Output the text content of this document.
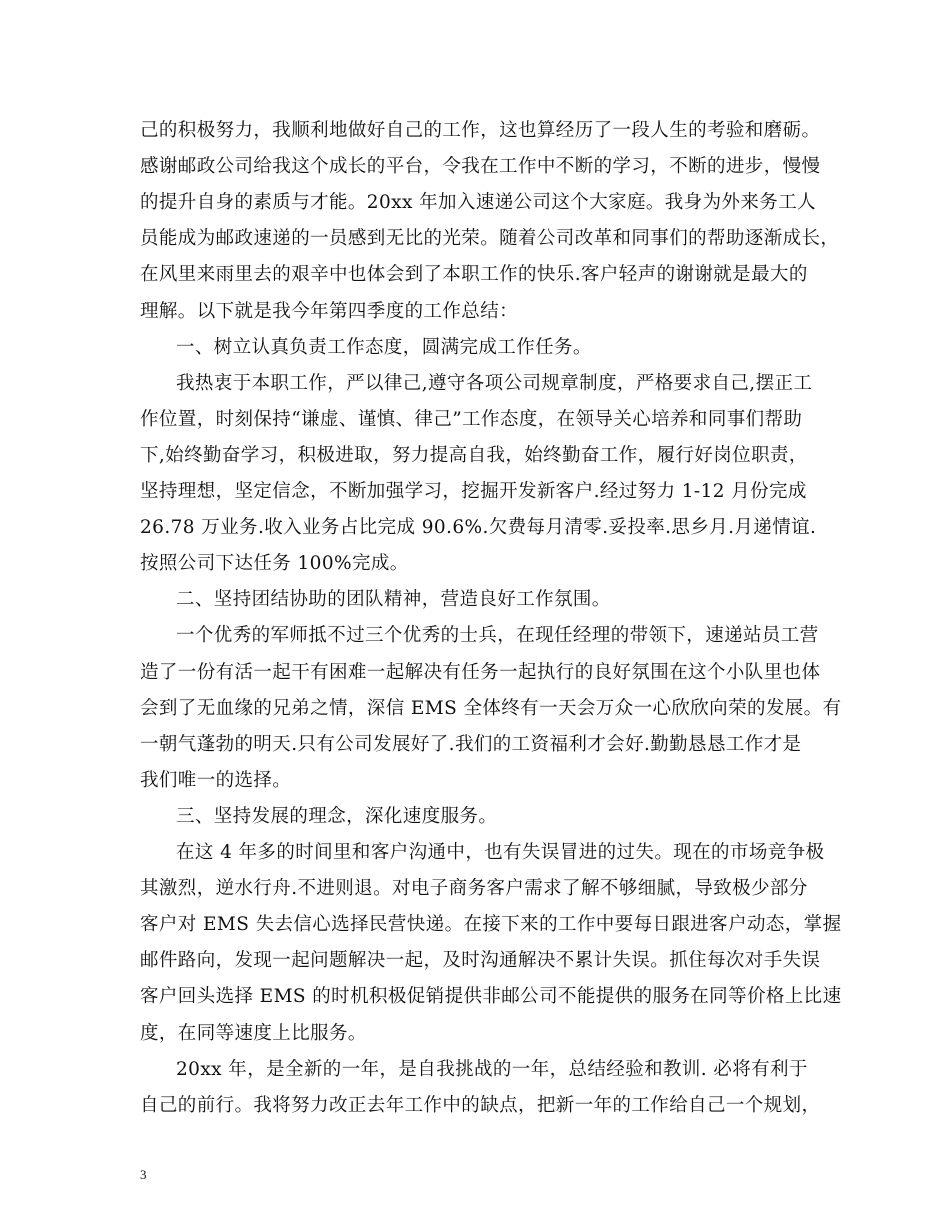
己的积极努力，我顺利地做好自己的工作，这也算经历了一段人生的考验和磨砺。
感谢邮政公司给我这个成长的平台，令我在工作中不断的学习，不断的进步，慢慢
的提升自身的素质与才能。20xx 年加入速递公司这个大家庭。我身为外来务工人
员能成为邮政速递的一员感到无比的光荣。随着公司改革和同事们的帮助逐渐成长，
在风里来雨里去的艰辛中也体会到了本职工作的快乐.客户轻声的谢谢就是最大的
理解。以下就是我今年第四季度的工作总结：
一、树立认真负责工作态度，圆满完成工作任务。
我热衷于本职工作，严以律己,遵守各项公司规章制度，严格要求自己,摆正工
作位置，时刻保持“谦虚、谨慎、律己”工作态度，在领导关心培养和同事们帮助
下,始终勤奋学习，积极进取，努力提高自我，始终勤奋工作，履行好岗位职责，
坚持理想，坚定信念，不断加强学习，挖掘开发新客户.经过努力 1-12 月份完成
26.78 万业务.收入业务占比完成 90.6%.欠费每月清零.妥投率.思乡月.月递情谊.
按照公司下达任务 100%完成。
二、坚持团结协助的团队精神，营造良好工作氛围。
一个优秀的军师抵不过三个优秀的士兵，在现任经理的带领下，速递站员工营
造了一份有活一起干有困难一起解决有任务一起执行的良好氛围在这个小队里也体
会到了无血缘的兄弟之情，深信 EMS 全体终有一天会万众一心欣欣向荣的发展。有
一朝气蓬勃的明天.只有公司发展好了.我们的工资福利才会好.勤勤恳恳工作才是
我们唯一的选择。
三、坚持发展的理念，深化速度服务。
在这 4 年多的时间里和客户沟通中，也有失误冒进的过失。现在的市场竞争极
其激烈，逆水行舟.不进则退。对电子商务客户需求了解不够细腻，导致极少部分
客户对 EMS 失去信心选择民营快递。在接下来的工作中要每日跟进客户动态，掌握
邮件路向，发现一起问题解决一起，及时沟通解决不累计失误。抓住每次对手失误
客户回头选择 EMS 的时机积极促销提供非邮公司不能提供的服务在同等价格上比速
度，在同等速度上比服务。
20xx 年，是全新的一年，是自我挑战的一年，总结经验和教训. 必将有利于
自己的前行。我将努力改正去年工作中的缺点，把新一年的工作给自己一个规划，
3
